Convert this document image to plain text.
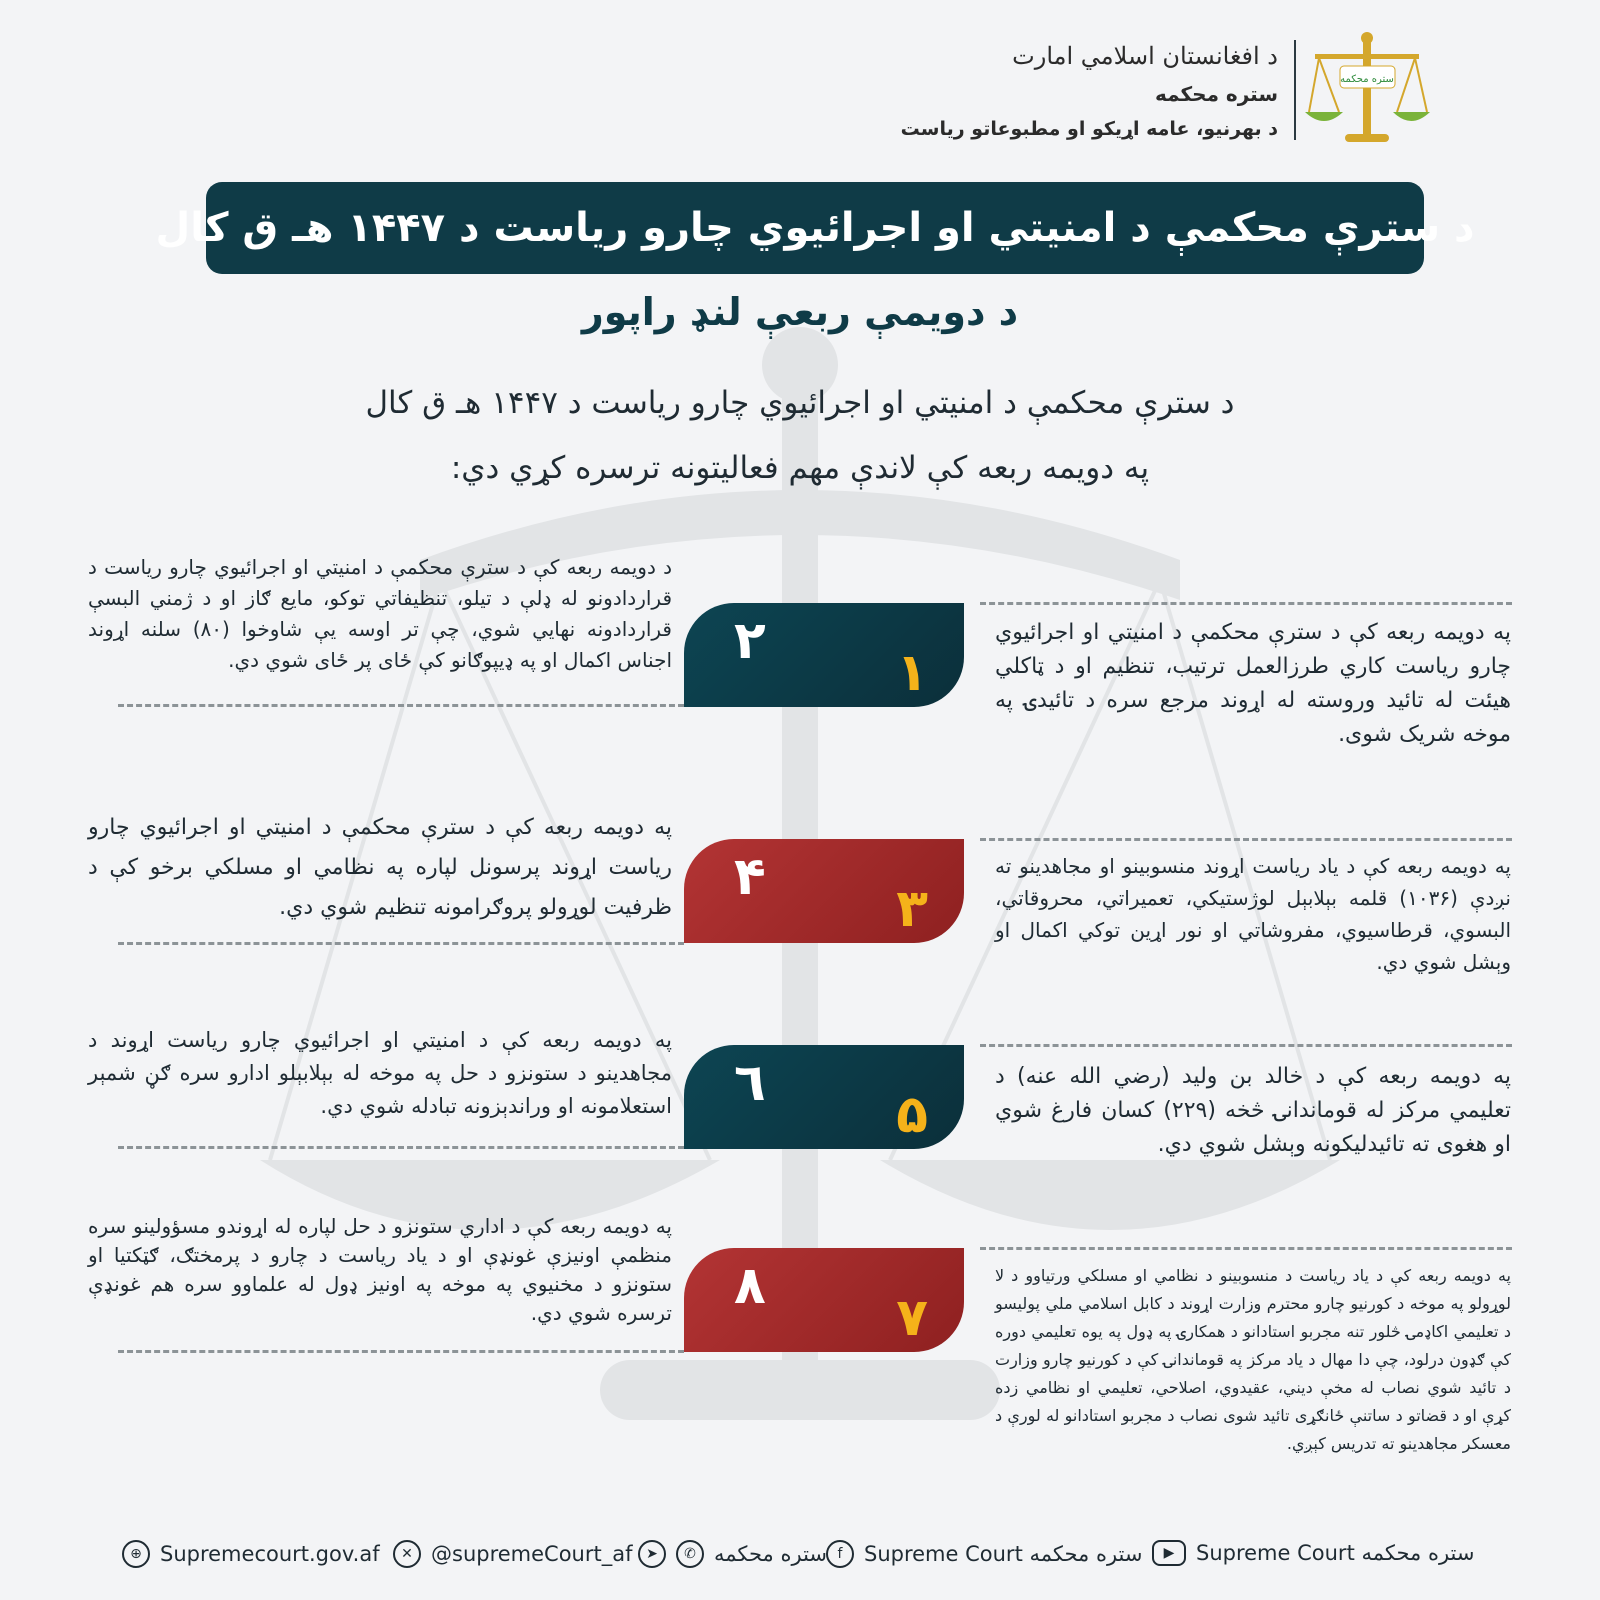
ستره محکمه
د افغانستان اسلامي امارت
ستره محکمه
د بهرنيو، عامه اړيکو او مطبوعاتو رياست
د سترې محکمې د امنيتي او اجرائيوي چارو رياست د ۱۴۴۷ هـ ق کال
د دويمې ربعې لنډ راپور
د سترې محکمې د امنيتي او اجرائيوي چارو رياست د ۱۴۴۷ هـ ق کال
په دويمه ربعه کې لاندې مهم فعاليتونه ترسره کړي دي:
۲
۱
د دويمه ربعه کې د سترې محکمې د امنيتي او اجرائيوي چارو رياست د قراردادونو له ډلې د تيلو، تنظيفاتي توکو، مايع ګاز او د ژمني البسې قراردادونه نهايي شوي، چې تر اوسه يې شاوخوا (۸۰) سلنه اړوند اجناس اکمال او په ډيپوګانو کې ځای پر ځای شوي دي.
په دويمه ربعه کې د سترې محکمې د امنيتي او اجرائيوي چارو رياست کاري طرزالعمل ترتيب، تنظيم او د ټاکلي هيئت له تائيد وروسته له اړوند مرجع سره د تائيدۍ په موخه شريک شوی.
۴
۳
په دويمه ربعه کې د سترې محکمې د امنيتي او اجرائيوي چارو رياست اړوند پرسونل لپاره په نظامي او مسلکي برخو کې د ظرفيت لوړولو پروګرامونه تنظيم شوي دي.
په دويمه ربعه کې د ياد رياست اړوند منسوبينو او مجاهدينو ته نږدې (۱۰۳۶) قلمه بېلابېل لوژستيکي، تعميراتي، محروقاتي، البسوي، قرطاسيوي، مفروشاتي او نور اړين توکي اکمال او وېشل شوي دي.
٦
۵
په دويمه ربعه کې د امنيتي او اجرائيوي چارو رياست اړوند د مجاهدينو د ستونزو د حل په موخه له بېلابېلو ادارو سره ګڼ شمېر استعلامونه او وراندېزونه تبادله شوي دي.
په دويمه ربعه کې د خالد بن وليد (رضي الله عنه) د تعليمي مرکز له قوماندانۍ څخه (۲۲۹) کسان فارغ شوي او هغوی ته تائيدليکونه وېشل شوي دي.
۸
۷
په دويمه ربعه کې د اداري ستونزو د حل لپاره له اړوندو مسؤولينو سره منظمې اونيزې غونډې او د ياد رياست د چارو د پرمختګ، ګټکتيا او ستونزو د مخنيوي په موخه په اونيز ډول له علماوو سره هم غونډې ترسره شوي دي.
په دويمه ربعه کې د ياد رياست د منسوبينو د نظامي او مسلکي ورتياوو د لا لوړولو په موخه د کورنيو چارو محترم وزارت اړوند د کابل اسلامي ملي پوليسو د تعليمي اکاډمۍ څلور تنه مجربو استادانو د همکارۍ په ډول په يوه تعليمي دوره کې ګډون درلود، چې دا مهال د ياد مرکز په قوماندانۍ کې د کورنيو چارو وزارت د تائيد شوي نصاب له مخې ديني، عقيدوي، اصلاحي، تعليمي او نظامي زده کړې او د قضاتو د ساتنې ځانګړی تائيد شوی نصاب د مجربو استادانو له لورې د معسکر مجاهدينو ته تدريس کېږي.
⊕ Supremecourt.gov.af	✕ @supremeCourt_af ➤	✆ ستره محکمه f	Supreme Court ستره محکمه	▶	Supreme Court ستره محکمه
